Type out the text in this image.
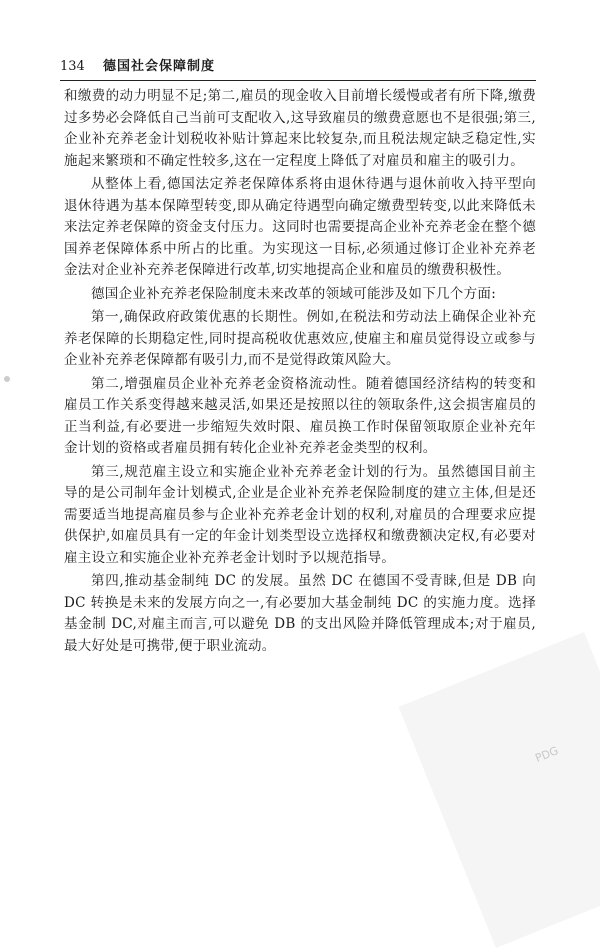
134 德国社会保障制度

和缴费的动力明显不足;第二,雇员的现金收入目前增长缓慢或者有所下降,缴费过多势必会降低自己当前可支配收入,这导致雇员的缴费意愿也不是很强;第三,企业补充养老金计划税收补贴计算起来比较复杂,而且税法规定缺乏稳定性,实施起来繁琐和不确定性较多,这在一定程度上降低了对雇员和雇主的吸引力。

从整体上看,德国法定养老保障体系将由退休待遇与退休前收入持平型向退休待遇为基本保障型转变,即从确定待遇型向确定缴费型转变,以此来降低未来法定养老保障的资金支付压力。这同时也需要提高企业补充养老金在整个德国养老保障体系中所占的比重。为实现这一目标,必须通过修订企业补充养老金法对企业补充养老保障进行改革,切实地提高企业和雇员的缴费积极性。

德国企业补充养老保险制度未来改革的领域可能涉及如下几个方面:

第一,确保政府政策优惠的长期性。例如,在税法和劳动法上确保企业补充养老保障的长期稳定性,同时提高税收优惠效应,使雇主和雇员觉得设立或参与企业补充养老保障都有吸引力,而不是觉得政策风险大。

第二,增强雇员企业补充养老金资格流动性。随着德国经济结构的转变和雇员工作关系变得越来越灵活,如果还是按照以往的领取条件,这会损害雇员的正当利益,有必要进一步缩短失效时限、雇员换工作时保留领取原企业补充年金计划的资格或者雇员拥有转化企业补充养老金类型的权利。

第三,规范雇主设立和实施企业补充养老金计划的行为。虽然德国目前主导的是公司制年金计划模式,企业是企业补充养老保险制度的建立主体,但是还需要适当地提高雇员参与企业补充养老金计划的权利,对雇员的合理要求应提供保护,如雇员具有一定的年金计划类型设立选择权和缴费额决定权,有必要对雇主设立和实施企业补充养老金计划时予以规范指导。

第四,推动基金制纯 DC 的发展。虽然 DC 在德国不受青睐,但是 DB 向 DC 转换是未来的发展方向之一,有必要加大基金制纯 DC 的实施力度。选择基金制 DC,对雇主而言,可以避免 DB 的支出风险并降低管理成本;对于雇员,最大好处是可携带,便于职业流动。

PDG
